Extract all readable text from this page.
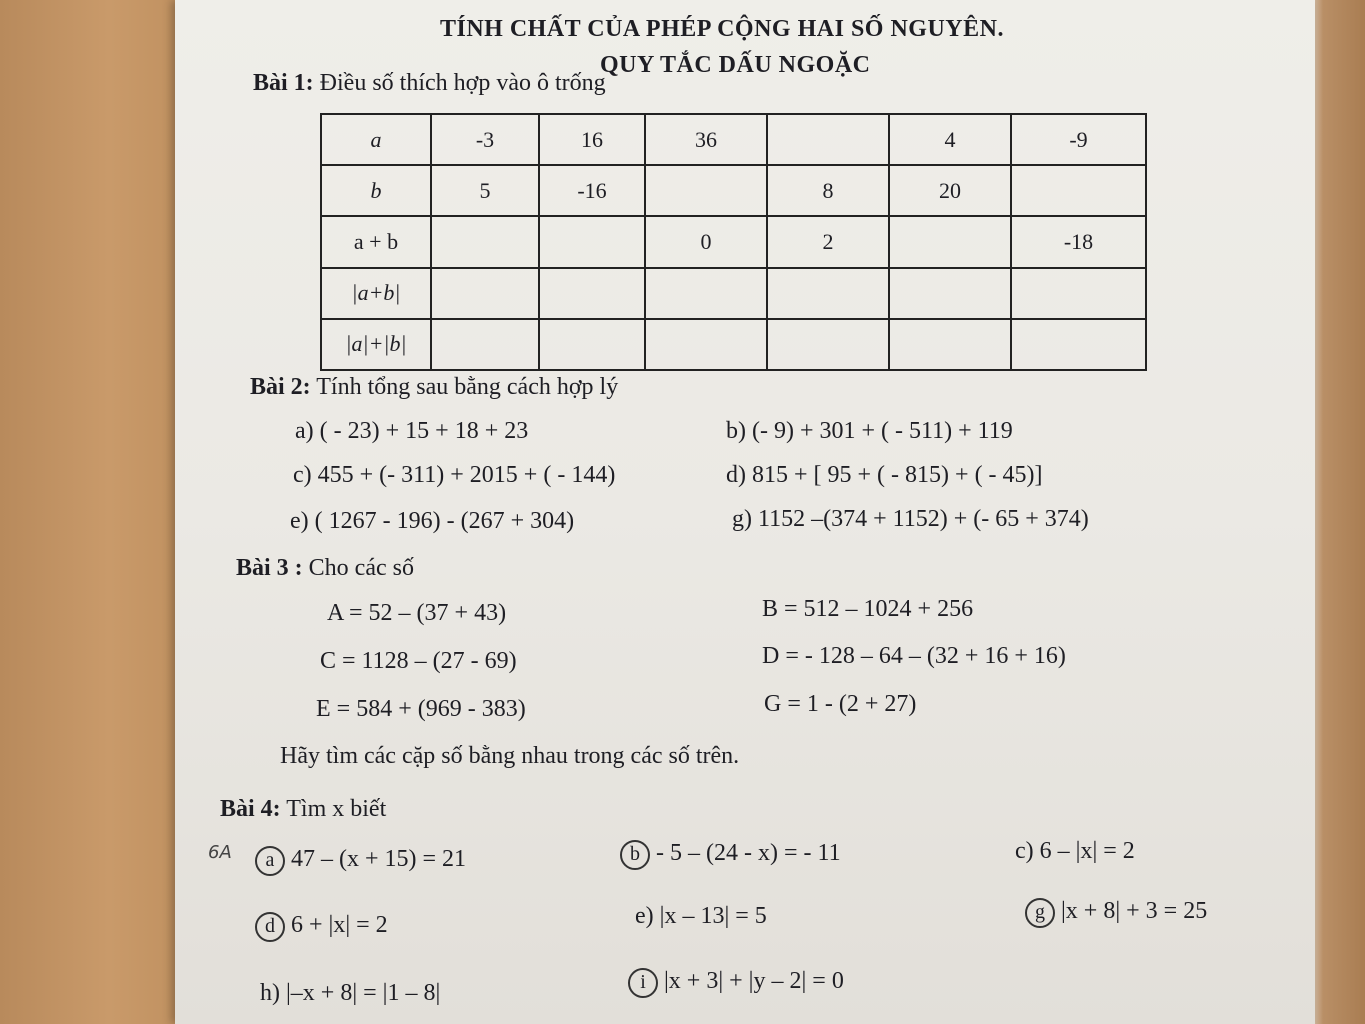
TÍNH CHẤT CỦA PHÉP CỘNG HAI SỐ NGUYÊN.
QUY TẮC DẤU NGOẶC
Bài 1: Điều số thích hợp vào ô trống
a	-3	16	36		4	-9
b	5	-16		8	20	
a + b			0	2		-18
|a+b|						
|a|+|b|						
Bài 2: Tính tổng sau bằng cách hợp lý
a) ( - 23) + 15 + 18 + 23	b) (- 9) + 301 + ( - 511) + 119
c) 455 + (- 311) + 2015 + ( - 144)	d) 815 + [ 95 + ( - 815) + ( - 45)]
e) ( 1267 - 196) - (267 + 304)	g) 1152 –(374 + 1152) + (- 65 + 374)
Bài 3 : Cho các số
A = 52 – (37 + 43)	B = 512 – 1024 + 256
C = 1128 – (27 - 69)	D = - 128 – 64 – (32 + 16 + 16)
E = 584 + (969 - 383)	G = 1 - (2 + 27)
Hãy tìm các cặp số bằng nhau trong các số trên.
Bài 4: Tìm x biết
6A	a 47 – (x + 15) = 21	b - 5 – (24 - x) = - 11	c) 6 – |x| = 2
d 6 + |x| = 2	e) |x – 13| = 5	g |x + 8| + 3 = 25
h) |–x + 8| = |1 – 8|	i |x + 3| + |y – 2| = 0
